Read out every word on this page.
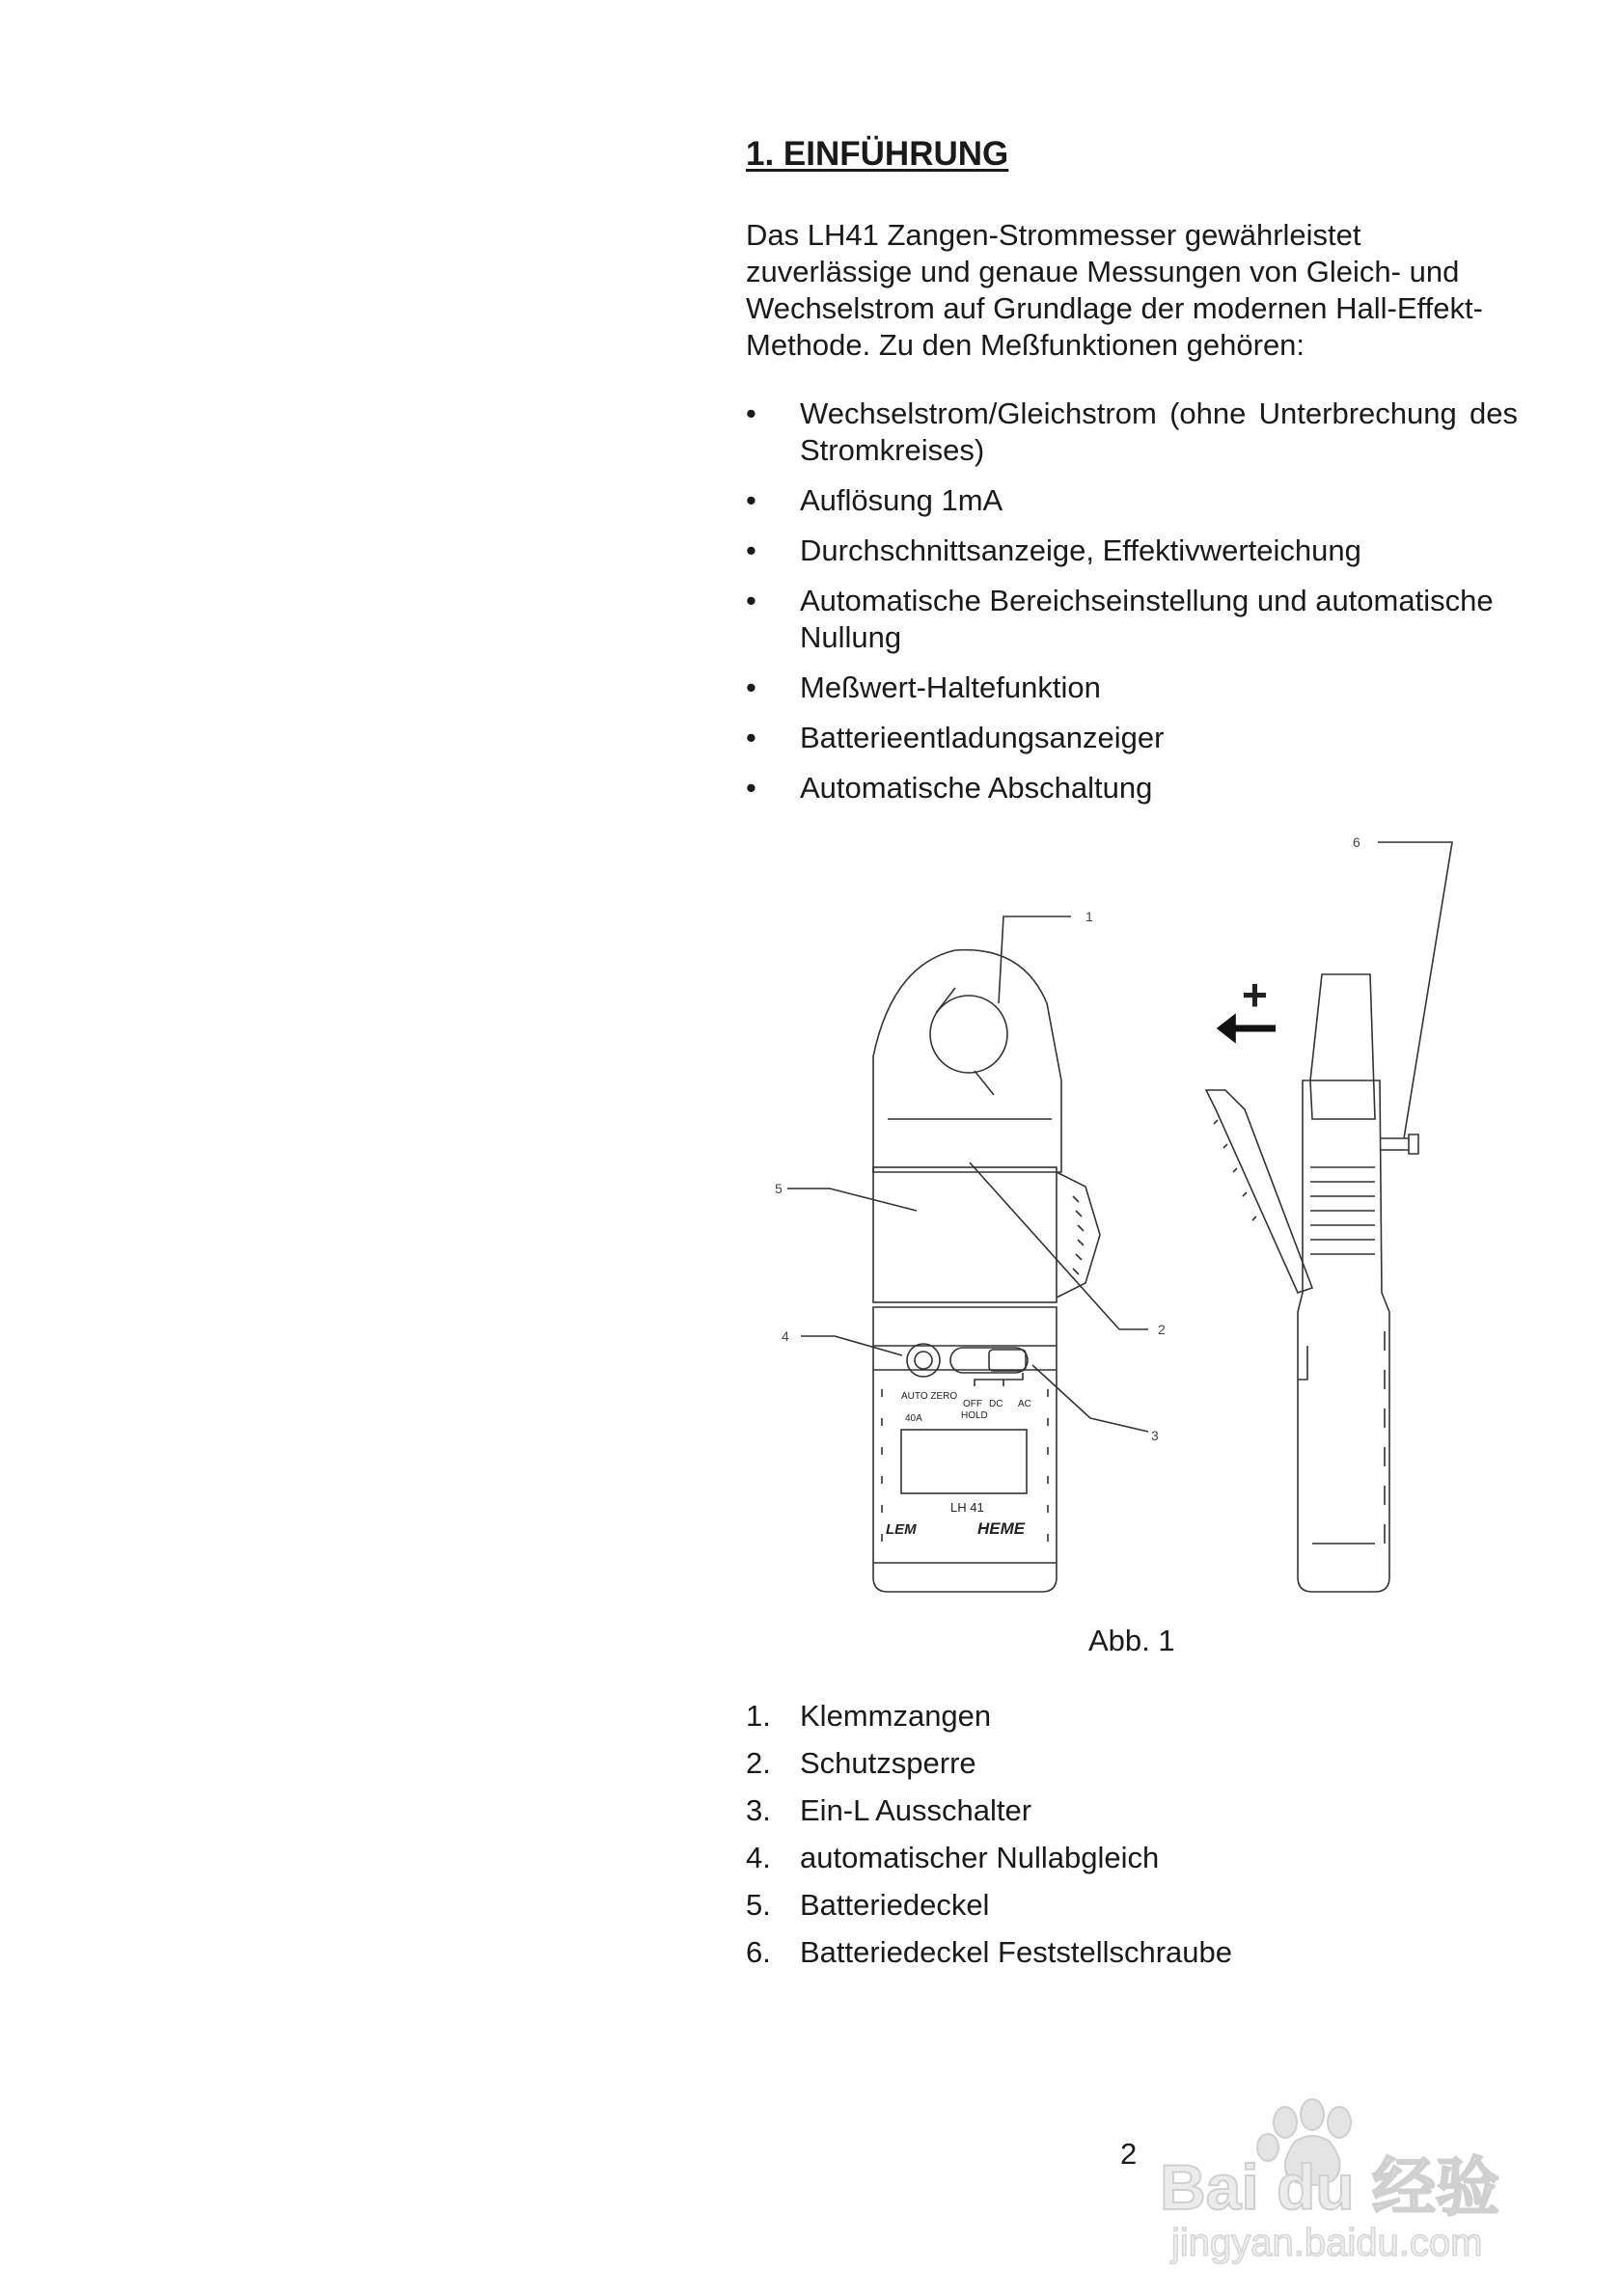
1. EINFÜHRUNG

Das LH41 Zangen-Strommesser gewährleistet zuverlässige und genaue Messungen von Gleich- und Wechselstrom auf Grundlage der modernen Hall-Effekt-Methode. Zu den Meßfunktionen gehören:

• Wechselstrom/Gleichstrom (ohne Unterbrechung des Stromkreises)
• Auflösung 1mA
• Durchschnittsanzeige, Effektivwerteichung
• Automatische Bereichseinstellung und automatische Nullung
• Meßwert-Haltefunktion
• Batterieentladungsanzeiger
• Automatische Abschaltung
1
2
3
4
5
6
AUTO ZERO
40A
OFF
HOLD
DC AC
LH 41
LEM	HEME
+
Abb. 1
1. Klemmzangen
2. Schutzsperre
3. Ein-L Ausschalter
4. automatischer Nullabgleich
5. Batteriedeckel
6. Batteriedeckel Feststellschraube
2 Bai du 经验
jingyan.baidu.com
